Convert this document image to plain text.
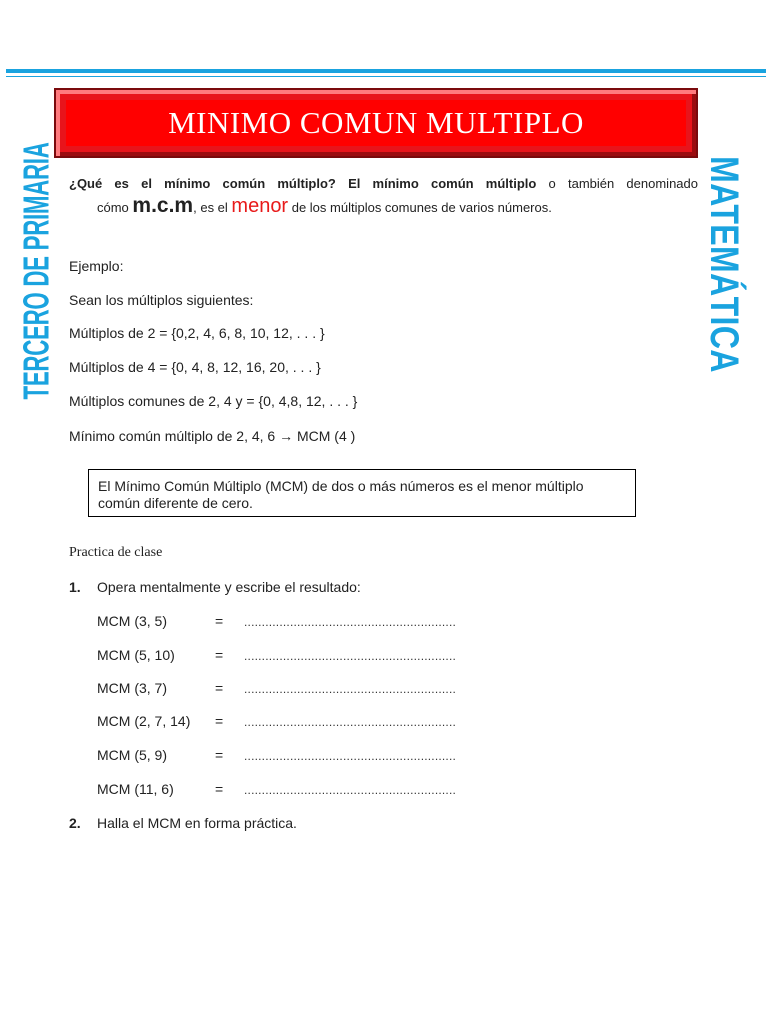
MINIMO COMUN MULTIPLO
TERCERO DE PRIMARIA	MATEMÁTICA
¿Qué es el mínimo común múltiplo? El mínimo común múltiplo o también denominado
cómo m.c.m, es el menor de los múltiplos comunes de varios números.
Ejemplo:
Sean los múltiplos siguientes:
Múltiplos de 2 = {0,2, 4, 6, 8, 10, 12, . . . }
Múltiplos de 4 = {0, 4, 8, 12, 16, 20, . . . }
Múltiplos comunes de 2, 4 y = {0, 4,8, 12, . . . }
Mínimo común múltiplo de 2, 4, 6 → MCM (4 )
El Mínimo Común Múltiplo (MCM) de dos o más números es el menor múltiplo
común diferente de cero.
Practica de clase
1. Opera mentalmente y escribe el resultado:
MCM (3, 5)	= ............................................................
MCM (5, 10)	= ............................................................
MCM (3, 7)	= ............................................................
MCM (2, 7, 14) = ............................................................
MCM (5, 9)	= ............................................................
MCM (11, 6)	= ............................................................
2. Halla el MCM en forma práctica.
